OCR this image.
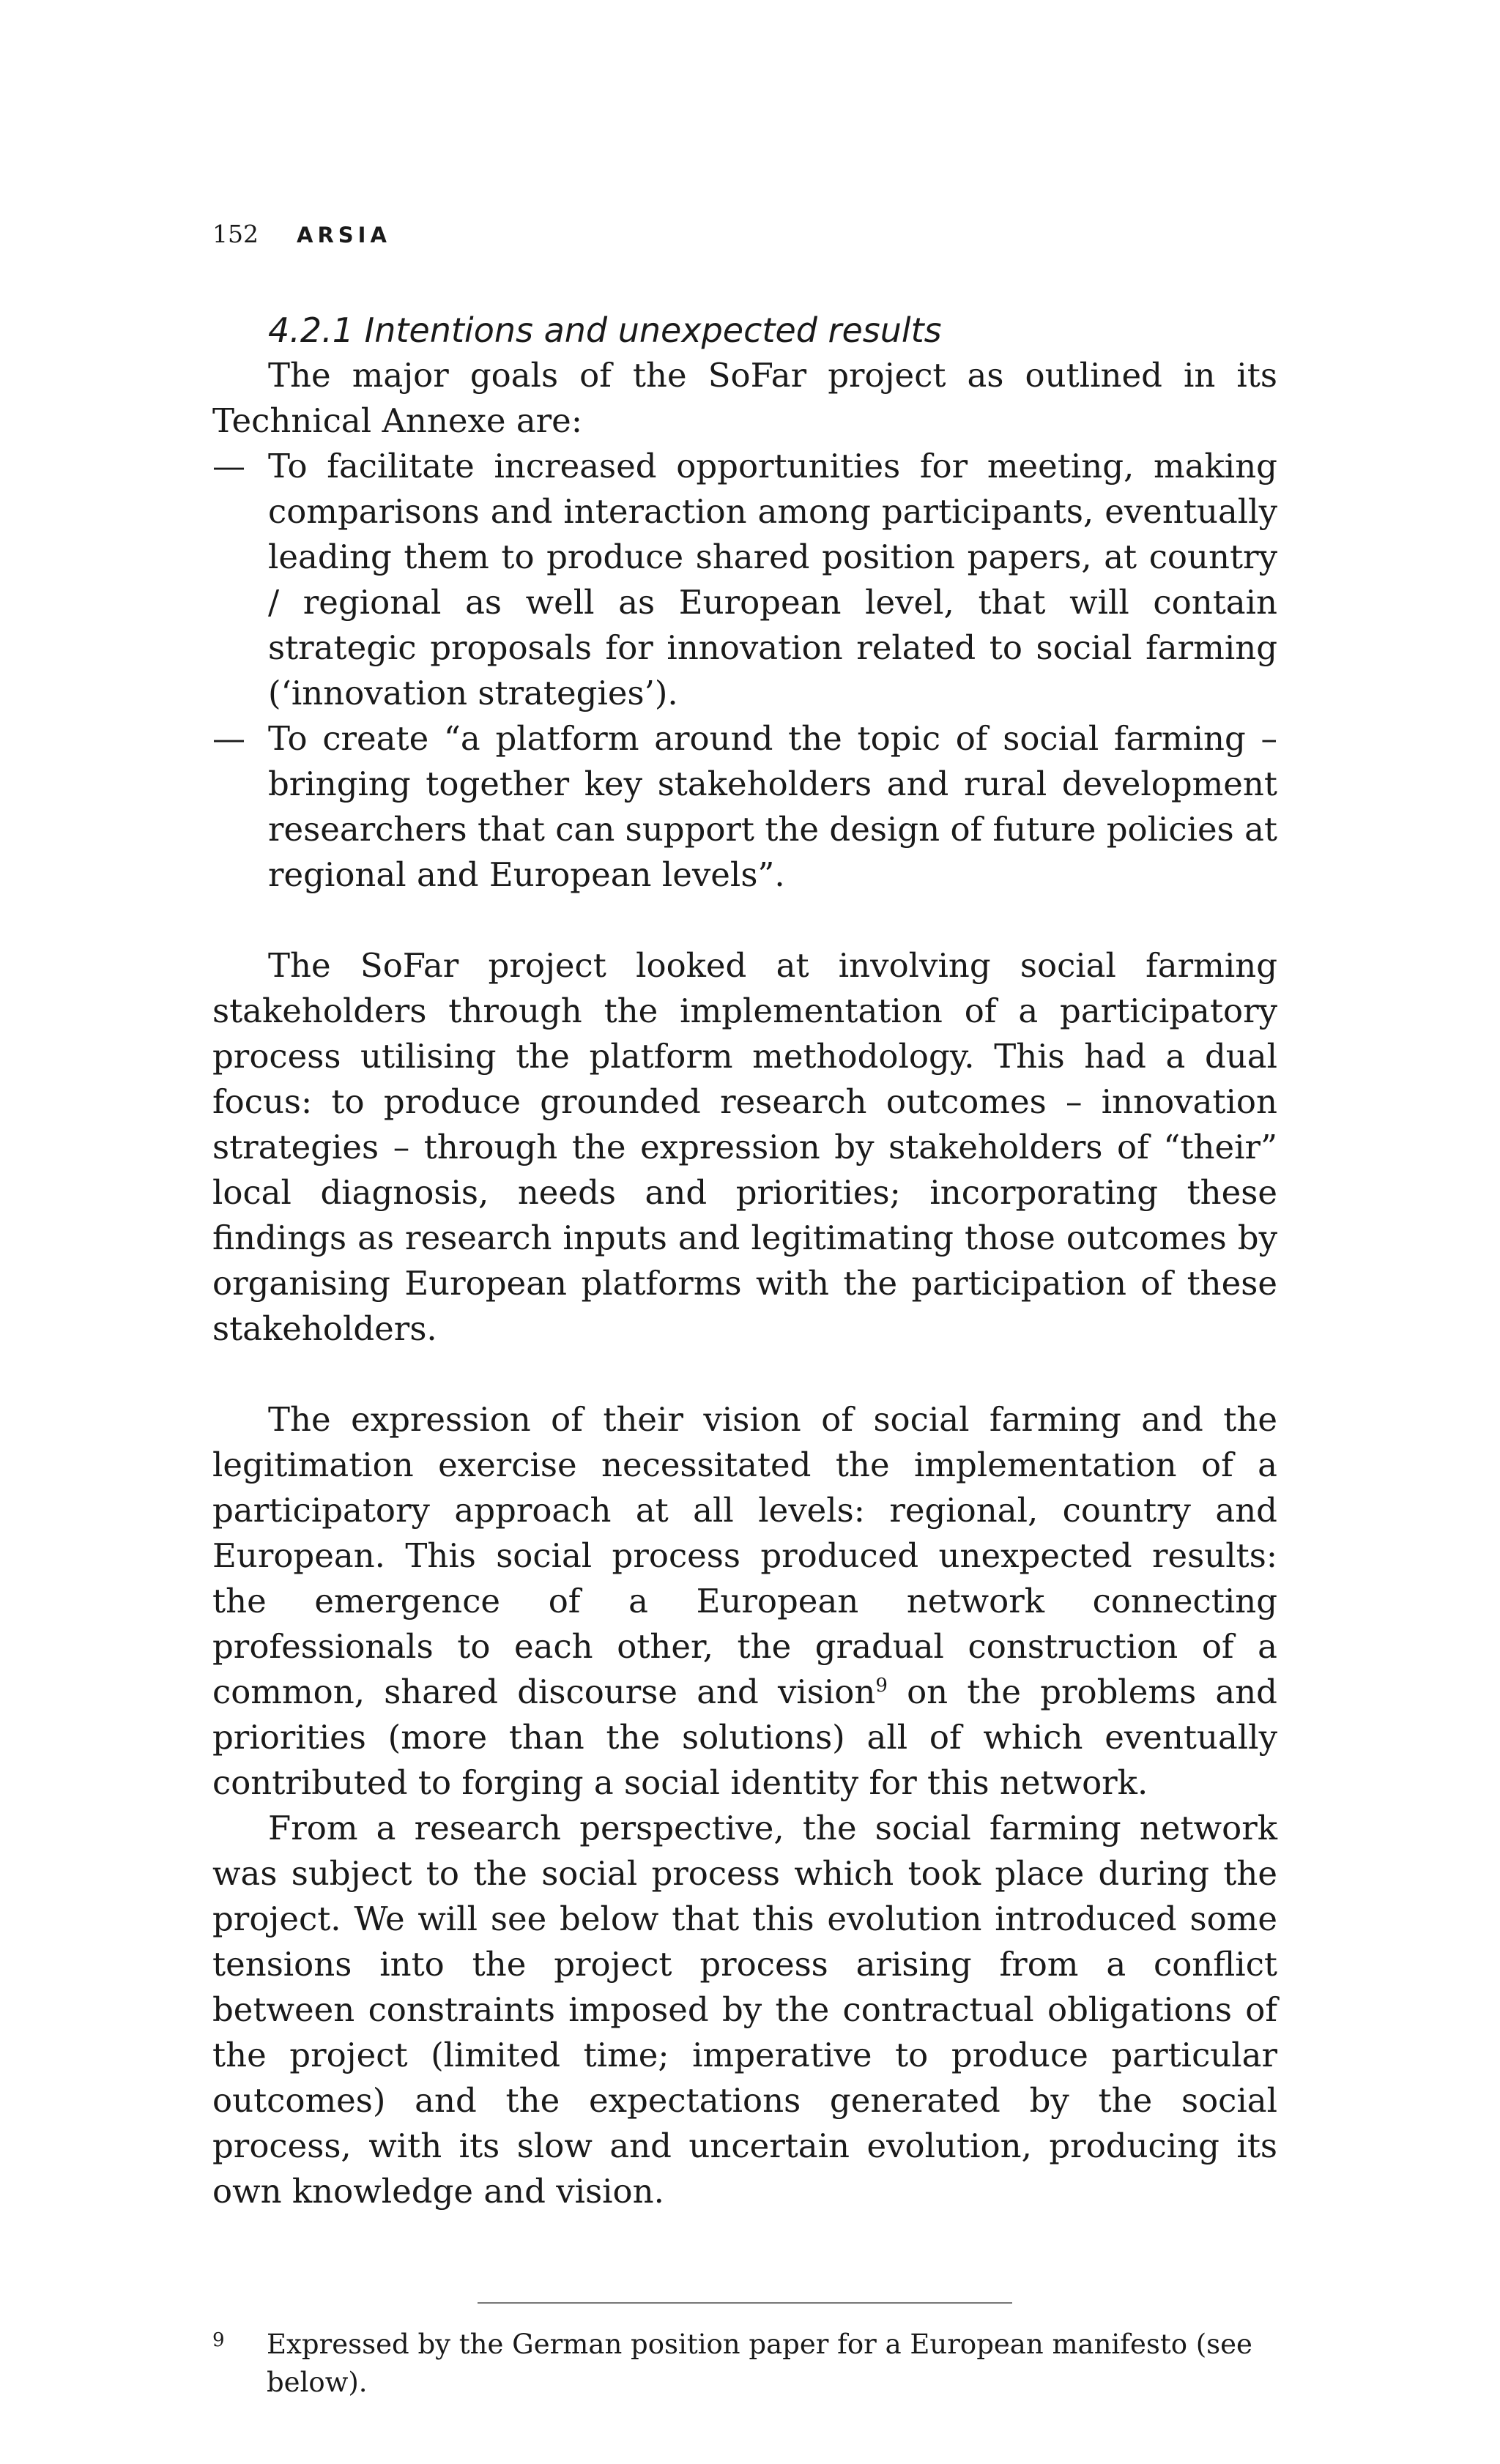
152 ARSIA
4.2.1 Intentions and unexpected results

The major goals of the SoFar project as outlined in its Technical Annexe are:

— To facilitate increased opportunities for meeting, making comparisons and interaction among participants, eventually leading them to produce shared position papers, at country / regional as well as European level, that will contain strategic proposals for innovation related to social farming (‘innovation strategies’).
— To create “a platform around the topic of social farming – bringing together key stakeholders and rural development researchers that can support the design of future policies at regional and European levels”.

The SoFar project looked at involving social farming stakeholders through the implementation of a participatory process utilising the platform methodology. This had a dual focus: to produce grounded research outcomes – innovation strategies – through the expression by stakeholders of “their” local diagnosis, needs and priorities; incorporating these findings as research inputs and legitimating those outcomes by organising European platforms with the participation of these stakeholders.

The expression of their vision of social farming and the legitimation exercise necessitated the implementation of a participatory approach at all levels: regional, country and European. This social process produced unexpected results: the emergence of a European network connecting professionals to each other, the gradual construction of a common, shared discourse and vision$^9$ on the problems and priorities (more than the solutions) all of which eventually contributed to forging a social identity for this network.

From a research perspective, the social farming network was subject to the social process which took place during the project. We will see below that this evolution introduced some tensions into the project process arising from a conflict between constraints imposed by the contractual obligations of the project (limited time; imperative to produce particular outcomes) and the expectations generated by the social process, with its slow and uncertain evolution, producing its own knowledge and vision.

9 Expressed by the German position paper for a European manifesto (see below).
